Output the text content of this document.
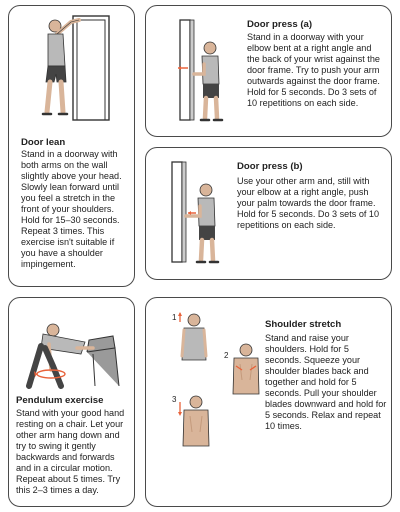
Door lean
Stand in a doorway with both arms on the wall slightly above your head. Slowly lean forward until you feel a stretch in the front of your shoulders. Hold for 15–30 seconds. Repeat 3 times. This exercise isn't suitable if you have a shoulder impingement.
Door press (a)
Stand in a doorway with your elbow bent at a right angle and the back of your wrist against the door frame. Try to push your arm outwards against the door frame. Hold for 5 seconds. Do 3 sets of 10 repetitions on each side.
Door press (b)
Use your other arm and, still with your elbow at a right angle, push your palm towards the door frame. Hold for 5 seconds. Do 3 sets of 10 repetitions on each side.
Pendulum exercise
Stand with your good hand resting on a chair. Let your other arm hang down and try to swing it gently backwards and forwards and in a circular motion. Repeat about 5 times. Try this 2–3 times a day.
1
2
3
Shoulder stretch
Stand and raise your shoulders. Hold for 5 seconds. Squeeze your shoulder blades back and together and hold for 5 seconds. Pull your shoulder blades downward and hold for 5 seconds. Relax and repeat 10 times.
